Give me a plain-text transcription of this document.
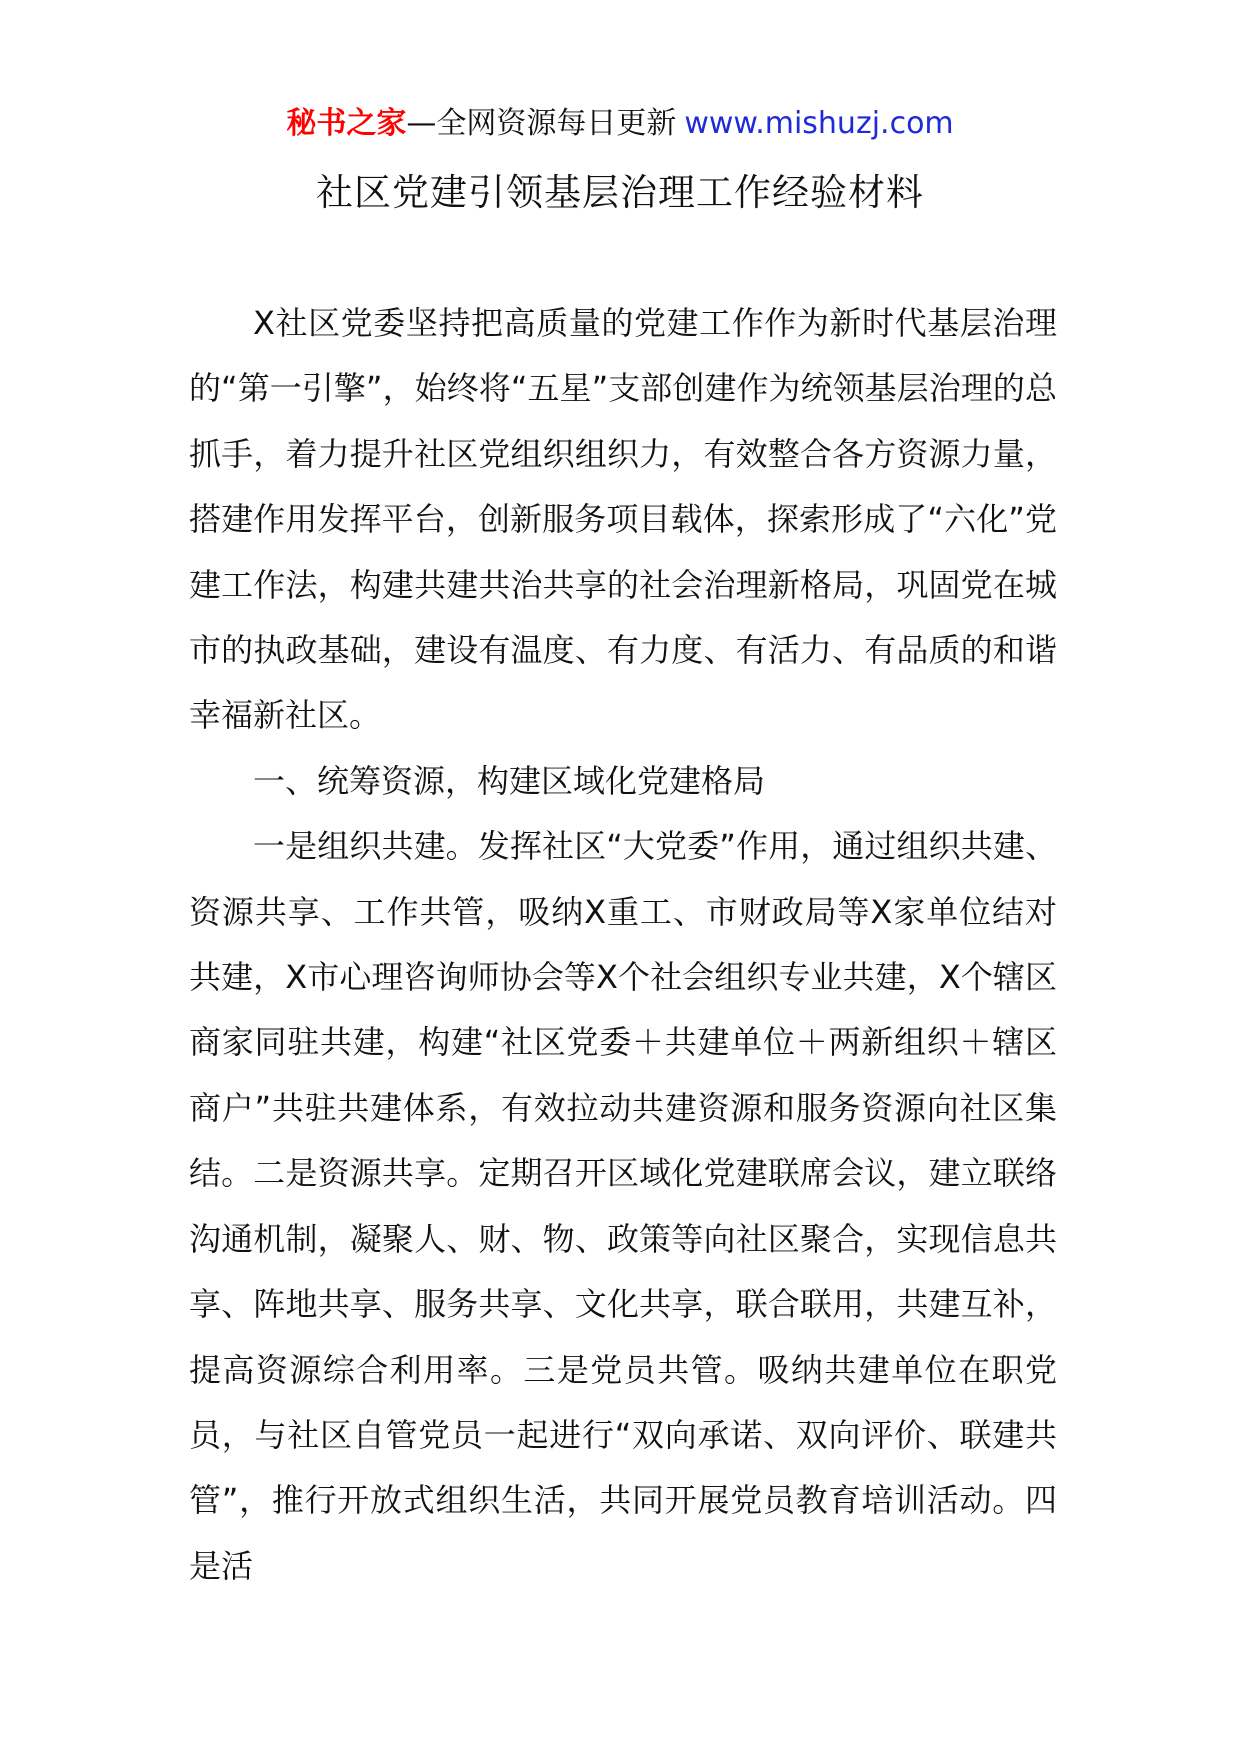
秘书之家—全网资源每日更新 www.mishuzj.com
社区党建引领基层治理工作经验材料

X社区党委坚持把高质量的党建工作作为新时代基层治理的“第一引擎”，始终将“五星”支部创建作为统领基层治理的总抓手，着力提升社区党组织组织力，有效整合各方资源力量，搭建作用发挥平台，创新服务项目载体，探索形成了“六化”党建工作法，构建共建共治共享的社会治理新格局，巩固党在城市的执政基础，建设有温度、有力度、有活力、有品质的和谐幸福新社区。

一、统筹资源，构建区域化党建格局

一是组织共建。发挥社区“大党委”作用，通过组织共建、资源共享、工作共管，吸纳X重工、市财政局等X家单位结对共建，X市心理咨询师协会等X个社会组织专业共建，X个辖区商家同驻共建，构建“社区党委＋共建单位＋两新组织＋辖区商户”共驻共建体系，有效拉动共建资源和服务资源向社区集结。二是资源共享。定期召开区域化党建联席会议，建立联络沟通机制，凝聚人、财、物、政策等向社区聚合，实现信息共享、阵地共享、服务共享、文化共享，联合联用，共建互补，提高资源综合利用率。三是党员共管。吸纳共建单位在职党员，与社区自管党员一起进行“双向承诺、双向评价、联建共管”，推行开放式组织生活，共同开展党员教育培训活动。四是活
